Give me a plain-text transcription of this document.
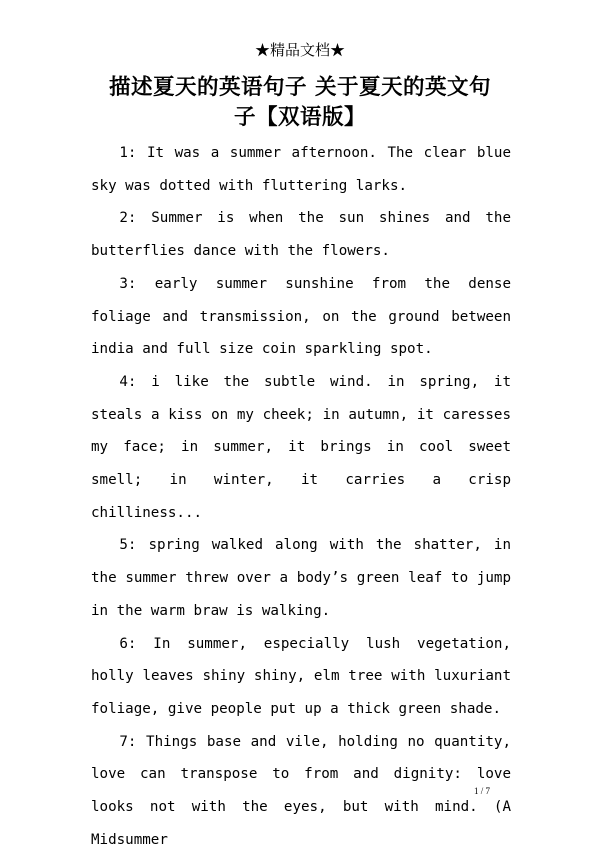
★精品文档★
描述夏天的英语句子 关于夏天的英文句
子【双语版】

1: It was a summer afternoon. The clear blue sky was dotted with fluttering larks.

2: Summer is when the sun shines and the butterflies dance with the flowers.

3: early summer sunshine from the dense foliage and transmission, on the ground between india and full size coin sparkling spot.

4: i like the subtle wind. in spring, it steals a kiss on my cheek; in autumn, it caresses my face; in summer, it brings in cool sweet smell; in winter, it carries a crisp chilliness...

5: spring walked along with the shatter, in the summer threw over a body’s green leaf to jump in the warm braw is walking.

6: In summer, especially lush vegetation, holly leaves shiny shiny, elm tree with luxuriant foliage, give people put up a thick green shade.

7: Things base and vile, holding no quantity, love can transpose to from and dignity: love looks not with the eyes, but with mind. (A Midsummer

1 / 7
